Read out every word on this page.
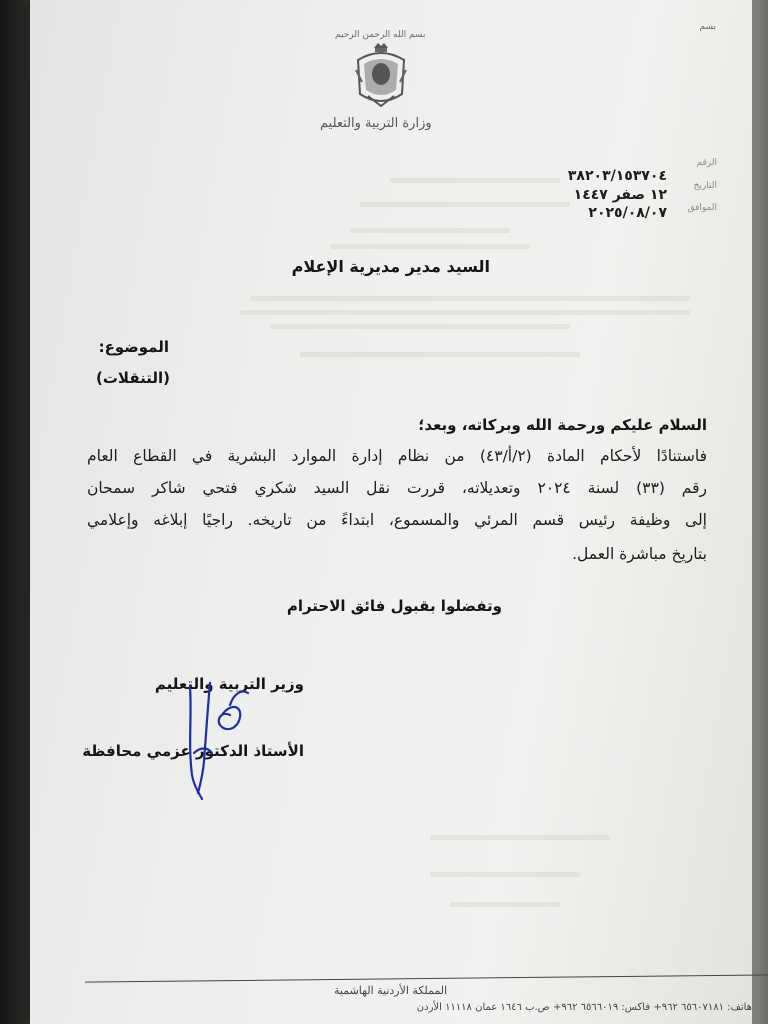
بسم
بسم الله الرحمن الرحيم
وزارة التربية والتعليم
الرقم
٣٨٢٠٣/١٥٣٧٠٤
التاريخ
١٢ صفر ١٤٤٧
الموافق
٢٠٢٥/٠٨/٠٧
السيد مدير مديرية الإعلام
الموضوع:
(التنقلات)
السلام عليكم ورحمة الله وبركاته، وبعد؛
فاستنادًا لأحكام المادة (٢/أ/٤٣) من نظام إدارة الموارد البشرية في القطاع العام
رقم (٣٣) لسنة ٢٠٢٤ وتعديلاته، قررت نقل السيد شكري فتحي شاكر سمحان
إلى وظيفة رئيس قسم المرئي والمسموع، ابتداءً من تاريخه. راجيًا إبلاغه وإعلامي
بتاريخ مباشرة العمل.
وتفضلوا بقبول فائق الاحترام
وزير التربية والتعليم
الأستاذ الدكتور عزمي محافظة
المملكة الأردنية الهاشمية
هاتف: ٦٥٦٠٧١٨١ ٩٦٢+ فاكس: ٦٥٦٦٠١٩ ٩٦٢+ ص.ب ١٦٤٦ عمان ١١١١٨ الأردن
